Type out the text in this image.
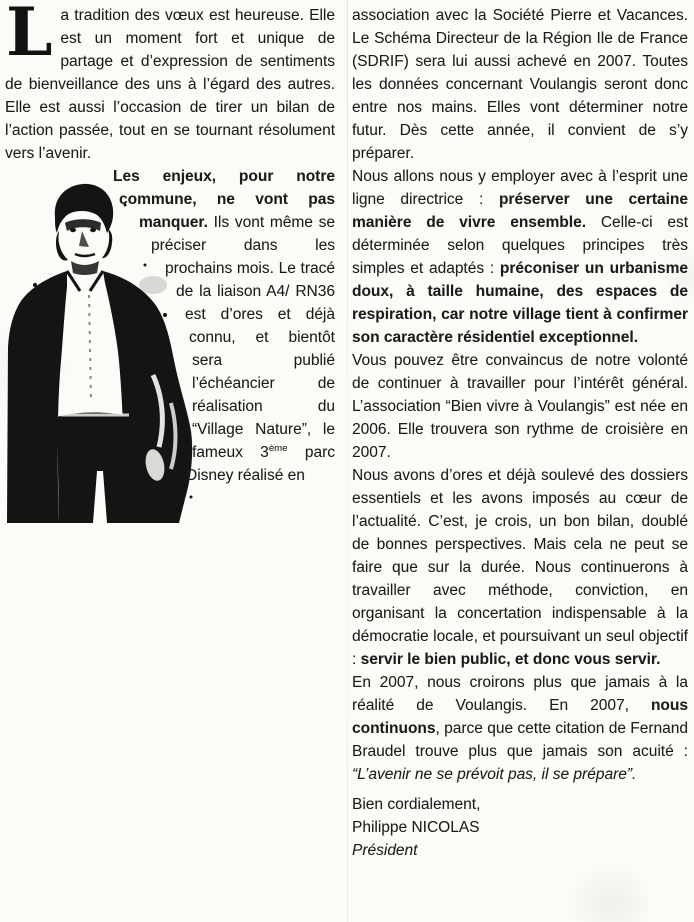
La tradition des vœux est heureuse. Elle est un moment fort et unique de partage et d’expression de sentiments de bienveillance des uns à l’égard des autres. Elle est aussi l’occasion de tirer un bilan de l’action passée, tout en se tournant résolument vers l’avenir.

Les enjeux, pour notre commune, ne vont pas manquer. Ils vont même se préciser dans les prochains mois. Le tracé de la liaison A4/ RN36 est d’ores et déjà connu, et bientôt sera publié l’échéancier de réalisation du “Village Nature”, le fameux 3ème parc Disney réalisé en

association avec la Société Pierre et Vacances. Le Schéma Directeur de la Région Ile de France (SDRIF) sera lui aussi achevé en 2007. Toutes les données concernant Voulangis seront donc entre nos mains. Elles vont déterminer notre futur. Dès cette année, il convient de s’y préparer.

Nous allons nous y employer avec à l’esprit une ligne directrice : préserver une certaine manière de vivre ensemble. Celle-ci est déterminée selon quelques principes très simples et adaptés : préconiser un urbanisme doux, à taille humaine, des espaces de respiration, car notre village tient à confirmer son caractère résidentiel exceptionnel.

Vous pouvez être convaincus de notre volonté de continuer à travailler pour l’intérêt général. L’association “Bien vivre à Voulangis” est née en 2006. Elle trouvera son rythme de croisière en 2007.

Nous avons d’ores et déjà soulevé des dossiers essentiels et les avons imposés au cœur de l’actualité. C’est, je crois, un bon bilan, doublé de bonnes perspectives. Mais cela ne peut se faire que sur la durée. Nous continuerons à travailler avec méthode, conviction, en organisant la concertation indispensable à la démocratie locale, et poursuivant un seul objectif : servir le bien public, et donc vous servir.

En 2007, nous croirons plus que jamais à la réalité de Voulangis. En 2007, nous continuons, parce que cette citation de Fernand Braudel trouve plus que jamais son acuité : “L’avenir ne se prévoit pas, il se prépare”.

Bien cordialement,
Philippe NICOLAS
Président
